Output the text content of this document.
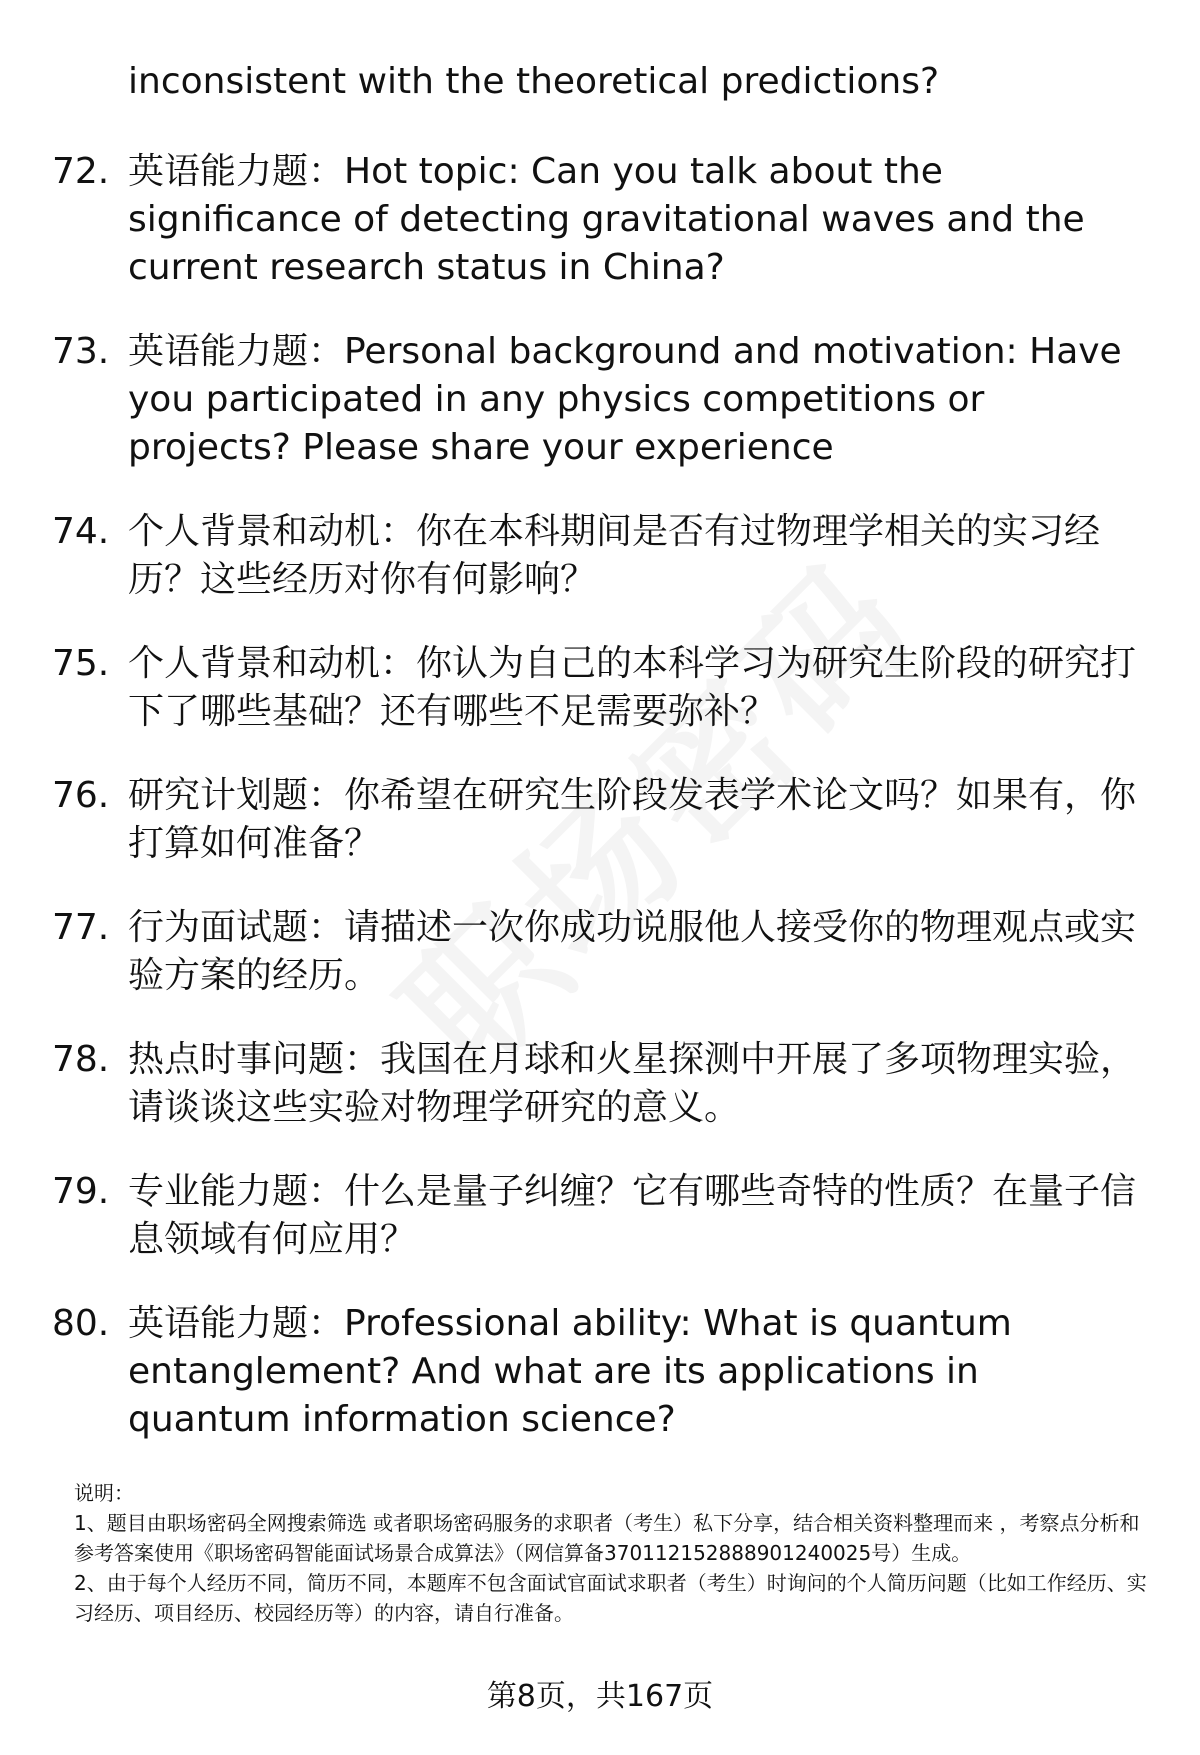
inconsistent with the theoretical predictions?
72. 英语能力题：Hot topic: Can you talk about the significance of detecting gravitational waves and the current research status in China?
73. 英语能力题：Personal background and motivation: Have you participated in any physics competitions or projects? Please share your experience
74. 个人背景和动机：你在本科期间是否有过物理学相关的实习经历？这些经历对你有何影响？
75. 个人背景和动机：你认为自己的本科学习为研究生阶段的研究打下了哪些基础？还有哪些不足需要弥补？
76. 研究计划题：你希望在研究生阶段发表学术论文吗？如果有，你打算如何准备？
77. 行为面试题：请描述一次你成功说服他人接受你的物理观点或实验方案的经历。
78. 热点时事问题：我国在月球和火星探测中开展了多项物理实验，请谈谈这些实验对物理学研究的意义。
79. 专业能力题：什么是量子纠缠？它有哪些奇特的性质？在量子信息领域有何应用？
80. 英语能力题：Professional ability: What is quantum entanglement? And what are its applications in quantum information science?

说明：

1、题目由职场密码全网搜索筛选 或者职场密码服务的求职者（考生）私下分享，结合相关资料整理而来 ，考察点分析和参考答案使用《职场密码智能面试场景合成算法》（网信算备370112152888901240025号）生成。

2、由于每个人经历不同，简历不同，本题库不包含面试官面试求职者（考生）时询问的个人简历问题（比如工作经历、实习经历、项目经历、校园经历等）的内容，请自行准备。

第8页，共167页
